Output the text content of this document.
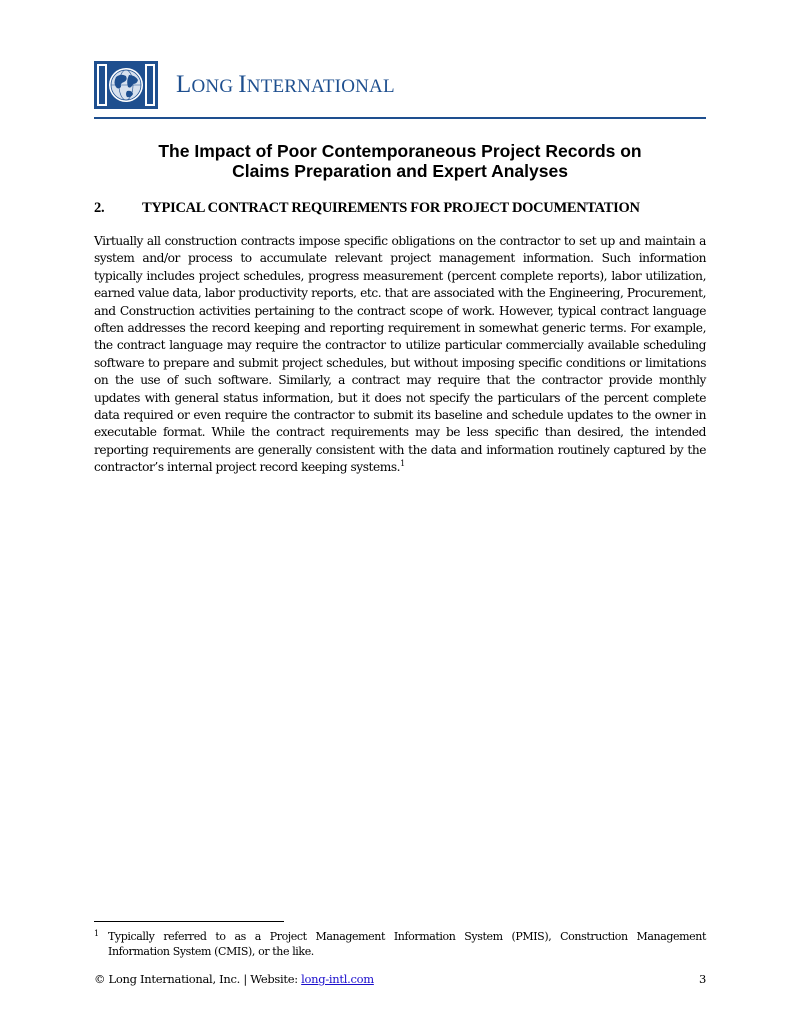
LONG INTERNATIONAL
The Impact of Poor Contemporaneous Project Records on
Claims Preparation and Expert Analyses
2.	TYPICAL CONTRACT REQUIREMENTS FOR PROJECT DOCUMENTATION

Virtually all construction contracts impose specific obligations on the contractor to set up and maintain a system and/or process to accumulate relevant project management information. Such information typically includes project schedules, progress measurement (percent complete reports), labor utilization, earned value data, labor productivity reports, etc. that are associated with the Engineering, Procurement, and Construction activities pertaining to the contract scope of work. However, typical contract language often addresses the record keeping and reporting requirement in somewhat generic terms. For example, the contract language may require the contractor to utilize particular commercially available scheduling software to prepare and submit project schedules, but without imposing specific conditions or limitations on the use of such software. Similarly, a contract may require that the contractor provide monthly updates with general status information, but it does not specify the particulars of the percent complete data required or even require the contractor to submit its baseline and schedule updates to the owner in executable format. While the contract requirements may be less specific than desired, the intended reporting requirements are generally consistent with the data and information routinely captured by the contractor’s internal project record keeping systems.$^1$

1 Typically referred to as a Project Management Information System (PMIS), Construction Management Information System (CMIS), or the like.
© Long International, Inc. | Website: long-intl.com	3
